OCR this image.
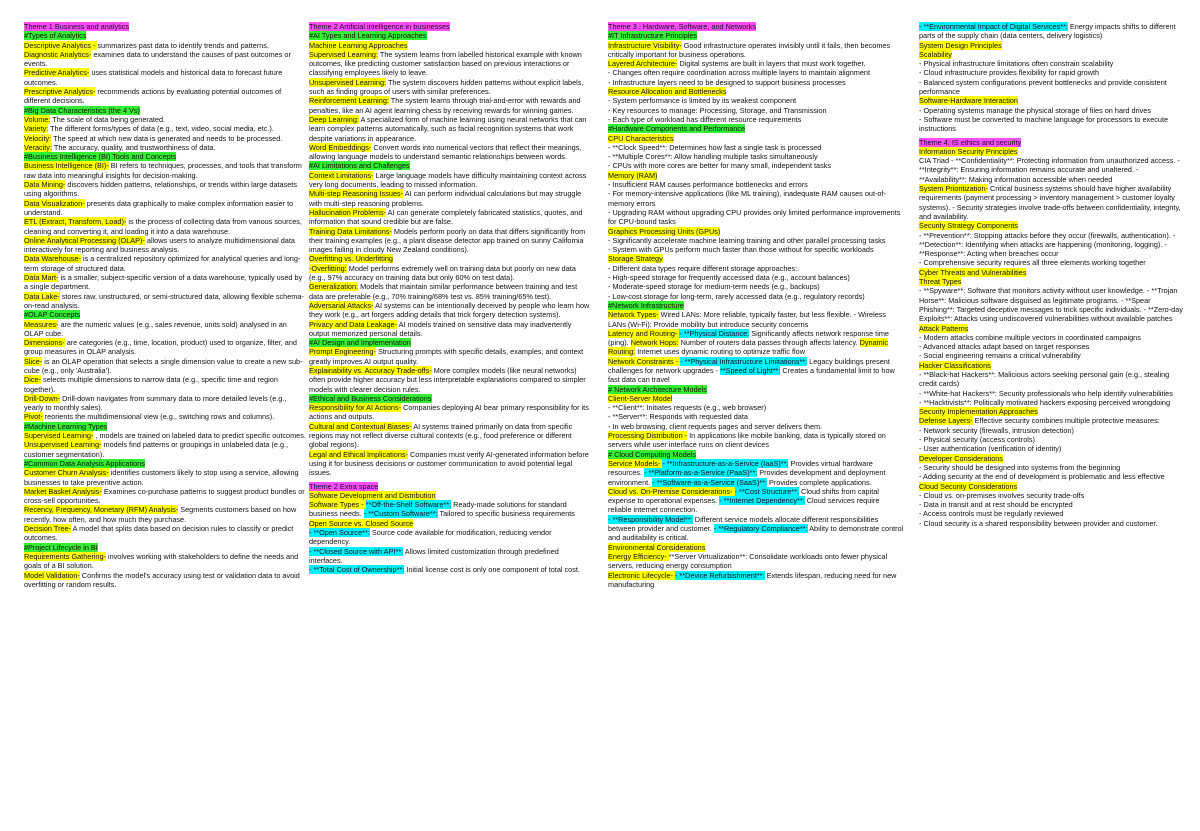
Theme 1 Business and analytics
#Types of Analytics
Descriptive Analytics - summarizes past data to identify trends and patterns.
Diagnostic Analytics- examines data to understand the causes of past outcomes or events.
Predictive Analytics- uses statistical models and historical data to forecast future outcomes.
Prescriptive Analytics- recommends actions by evaluating potential outcomes of different decisions.
#Big Data Characteristics (the 4 Vs)
Volume: The scale of data being generated.
Variety: The different forms/types of data (e.g., text, video, social media, etc.).
Velocity: The speed at which new data is generated and needs to be processed.
Veracity: The accuracy, quality, and trustworthiness of data.
#Business Intelligence (BI) Tools and Concepts
Business Intelligence (BI)- BI refers to techniques, processes, and tools that transform raw data into meaningful insights for decision-making.
Data Mining- discovers hidden patterns, relationships, or trends within large datasets using algorithms.
Data Visualization- presents data graphically to make complex information easier to understand.
ETL (Extract, Transform, Load)- is the process of collecting data from various sources, cleaning and converting it, and loading it into a data warehouse.
Online Analytical Processing (OLAP)- allows users to analyze multidimensional data interactively for reporting and business analysis.
Data Warehouse- is a centralized repository optimized for analytical queries and long-term storage of structured data.
Data Mart- is a smaller, subject-specific version of a data warehouse, typically used by a single department.
Data Lake- stores raw, unstructured, or semi-structured data, allowing flexible schema-on-read analysis.
#OLAP Concepts
Measures- are the numeric values (e.g., sales revenue, units sold) analysed in an OLAP cube.
Dimensions- are categories (e.g., time, location, product) used to organize, filter, and group measures in OLAP analysis.
Slice- is an OLAP operation that selects a single dimension value to create a new sub-cube (e.g., only 'Australia').
Dice- selects multiple dimensions to narrow data (e.g., specific time and region together).
Drill-Down- Drill-down navigates from summary data to more detailed levels (e.g., yearly to monthly sales).
Pivot- reorients the multidimensional view (e.g., switching rows and columns).
#Machine Learning Types
Supervised Learning- , models are trained on labeled data to predict specific outcomes.
Unsupervised Learning- models find patterns or groupings in unlabeled data (e.g., customer segmentation).
#Common Data Analysis Applications
Customer Churn Analysis- identifies customers likely to stop using a service, allowing businesses to take preventive action.
Market Basket Analysis- Examines co-purchase patterns to suggest product bundles or cross-sell opportunities.
Recency, Frequency, Monetary (RFM) Analysis- Segments customers based on how recently, how often, and how much they purchase.
Decision Tree- A model that splits data based on decision rules to classify or predict outcomes.
#Project Lifecycle in BI
Requirements Gathering- involves working with stakeholders to define the needs and goals of a BI solution.
Model Validation- Confirms the model's accuracy using test or validation data to avoid overfitting or random results.
Theme 2 Artificial intelligence in businesses
#AI Types and Learning Approaches
Machine Learning Approaches
Supervised Learning: The system learns from labelled historical example with known outcomes, like predicting customer satisfaction based on previous interactions or classifying employees likely to leave.
Unsupervised Learning: The system discovers hidden patterns without explicit labels, such as finding groups of users with similar preferences.
Reinforcement Learning: The system learns through trial-and-error with rewards and penalties, like an AI agent learning chess by receiving rewards for winning games.
Deep Learning: A specialized form of machine learning using neural networks that can learn complex patterns automatically, such as facial recognition systems that work despite variations in appearance.
Word Embeddings- Convert words into numerical vectors that reflect their meanings, allowing language models to understand semantic relationships between words.
#AI Limitations and Challenges
Context Limitations- Large language models have difficulty maintaining context across very long documents, leading to missed information.
Multi-step Reasoning Issues- AI can perform individual calculations but may struggle with multi-step reasoning problems.
Hallucination Problems- AI can generate completely fabricated statistics, quotes, and information that sound credible but are false.
Training Data Limitations- Models perform poorly on data that differs significantly from their training examples (e.g., a plant disease detector app trained on sunny California images failing in cloudy New Zealand conditions).
Overfitting vs. Underfitting
-Overfitting: Model performs extremely well on training data but poorly on new data (e.g., 97% accuracy on training data but only 60% on test data).
Generalization: Models that maintain similar performance between training and test data are preferable (e.g., 70% training/68% test vs. 85% training/65% test).
Adversarial Attacks- AI systems can be intentionally deceived by people who learn how they work (e.g., art forgers adding details that trick forgery detection systems).
Privacy and Data Leakage- AI models trained on sensitive data may inadvertently output memorized personal details.
#AI Design and Implementation
Prompt Engineering- Structuring prompts with specific details, examples, and context greatly improves AI output quality.
Explainability vs. Accuracy Trade-offs- More complex models (like neural networks) often provide higher accuracy but less interpretable explanations compared to simpler models with clearer decision rules.
#Ethical and Business Considerations
Responsibility for AI Actions- Companies deploying AI bear primary responsibility for its actions and outputs.
Cultural and Contextual Biases- AI systems trained primarily on data from specific regions may not reflect diverse cultural contexts (e.g., food preference or different global regions).
Legal and Ethical Implications- Companies must verify AI-generated information before using it for business decisions or customer communication to avoid potential legal issues.
Theme 2 Extra space
Software Development and Distribution
Software Types - **Off-the-Shelf Software**: Ready-made solutions for standard business needs. - **Custom Software**: Tailored to specific business requirements
Open Source vs. Closed Source
- **Open Source**: Source code available for modification, reducing vendor dependency.
- **Closed Source with API**: Allows limited customization through predefined interfaces.
- **Total Cost of Ownership**: Initial license cost is only one component of total cost.
Theme 3 : Hardware, Software, and Networks
#IT Infrastructure Principles
Infrastructure Visibility- Good infrastructure operates invisibly until it fails, then becomes critically important for business operations.
Layered Architecture- Digital systems are built in layers that must work together.
- Changes often require coordination across multiple layers to maintain alignment
- Infrastructure layers need to be designed to support business processes
Resource Allocation and Bottlenecks
- System performance is limited by its weakest component
- Key resources to manage: Processing, Storage, and Transmission
- Each type of workload has different resource requirements
#Hardware Components and Performance
CPU Characteristics
- **Clock Speed**: Determines how fast a single task is processed
- **Multiple Cores**: Allow handling multiple tasks simultaneously
- CPUs with more cores are better for many small, independent tasks
Memory (RAM)
- Insufficient RAM causes performance bottlenecks and errors
- For memory-intensive applications (like ML training), inadequate RAM causes out-of-memory errors
- Upgrading RAM without upgrading CPU provides only limited performance improvements for CPU-bound tasks
Graphics Processing Units (GPUs)
- Significantly accelerate machine learning training and other parallel processing tasks
- System with GPUs perform much faster than those without for specific workloads
Storage Strategy
- Different data types require different storage approaches:
- High-speed storage for frequently accessed data (e.g., account balances)
- Moderate-speed storage for medium-term needs (e.g., backups)
- Low-cost storage for long-term, rarely accessed data (e.g., regulatory records)
#Network Infrastructure
Network Types- Wired LANs: More reliable, typically faster, but less flexible. - Wireless LANs (Wi-Fi): Provide mobility but introduce security concerns
Latency and Routing- - **Physical Distance: Significantly affects network response time (ping). Network Hops: Number of routers data passes through affects latency. Dynamic Routing: Internet uses dynamic routing to optimize traffic flow
Network Constraints - - **Physical Infrastructure Limitations**: Legacy buildings present challenges for network upgrades - **Speed of Light**: Creates a fundamental limit to how fast data can travel
# Network Architecture Models
Client-Server Model
- **Client**: Initiates requests (e.g., web browser)
- **Server**: Responds with requested data
- In web browsing, client requests pages and server delivers them.
Processing Distribution - In applications like mobile banking, data is typically stored on servers while user interface runs on client devices
# Cloud Computing Models
Service Models- - **Infrastructure-as-a-Service (IaaS)**: Provides virtual hardware resources. - **Platform-as-a-Service (PaaS)**: Provides development and deployment environment. - **Software-as-a-Service (SaaS)**: Provides complete applications.
Cloud vs. On-Premise Considerations- - **Cost Structure**: Cloud shifts from capital expense to operational expenses. - **Internet Dependency**: Cloud services require reliable internet connection.
- **Responsibility Model**: Different service models allocate different responsibilities between provider and customer. - **Regulatory Compliance**: Ability to demonstrate control and auditability is critical.
Environmental Considerations
Energy Efficiency- **Server Virtualization**: Consolidate workloads onto fewer physical servers, reducing energy consumption
Electronic Lifecycle- - **Device Refurbishment**: Extends lifespan, reducing need for new manufacturing
- **Environmental Impact of Digital Services**: Energy impacts shifts to different parts of the supply chain (data centers, delivery logistics)
System Design Principles
Scalability
- Physical infrastructure limitations often constrain scalability
- Cloud infrastructure provides flexibility for rapid growth
- Balanced system configurations prevent bottlenecks and provide consistent performance
Software-Hardware Interaction
- Operating systems manage the physical storage of files on hard drives
- Software must be converted to machine language for processors to execute instructions
Theme 4: IS ethics and security
Information Security Principles
CIA Triad - **Confidentiality**: Protecting information from unauthorized access. - **Integrity**: Ensuring information remains accurate and unaltered. - **Availability**: Making information accessible when needed
System Prioritization- Critical business systems should have higher availability requirements (payment processing > inventory management > customer loyalty systems). - Security strategies involve trade-offs between confidentiality, integrity, and availability.
Security Strategy Components
- **Prevention**: Stopping attacks before they occur (firewalls, authentication). - **Detection**: Identifying when attacks are happening (monitoring, logging). - **Response**: Acting when breaches occur
- Comprehensive security requires all three elements working together
Cyber Threats and Vulnerabilities
Threat Types
- **Spyware**: Software that monitors activity without user knowledge. - **Trojan Horse**: Malicious software disguised as legitimate programs. - **Spear Phishing**: Targeted deceptive messages to trick specific individuals. - **Zero-day Exploits**: Attacks using undiscovered vulnerabilities without available patches
Attack Patterns
- Modern attacks combine multiple vectors in coordinated campaigns
- Advanced attacks adapt based on target responses
- Social engineering remains a critical vulnerability
Hacker Classifications
- **Black-hat Hackers**: Malicious actors seeking personal gain (e.g., stealing credit cards)
- **White-hat Hackers**: Security professionals who help identify vulnerabilities
- **Hacktivists**: Politically motivated hackers exposing perceived wrongdoing
Security Implementation Approaches
Defense Layers- Effective security combines multiple protective measures:
- Network security (firewalls, intrusion detection)
- Physical security (access controls)
- User authentication (verification of identity)
Developer Considerations
- Security should be designed into systems from the beginning
- Adding security at the end of development is problematic and less effective
Cloud Security Considerations
- Cloud vs. on-premises involves security trade-offs
- Data in transit and at rest should be encrypted
- Access controls must be regularly reviewed
- Cloud security is a shared responsibility between provider and customer.
